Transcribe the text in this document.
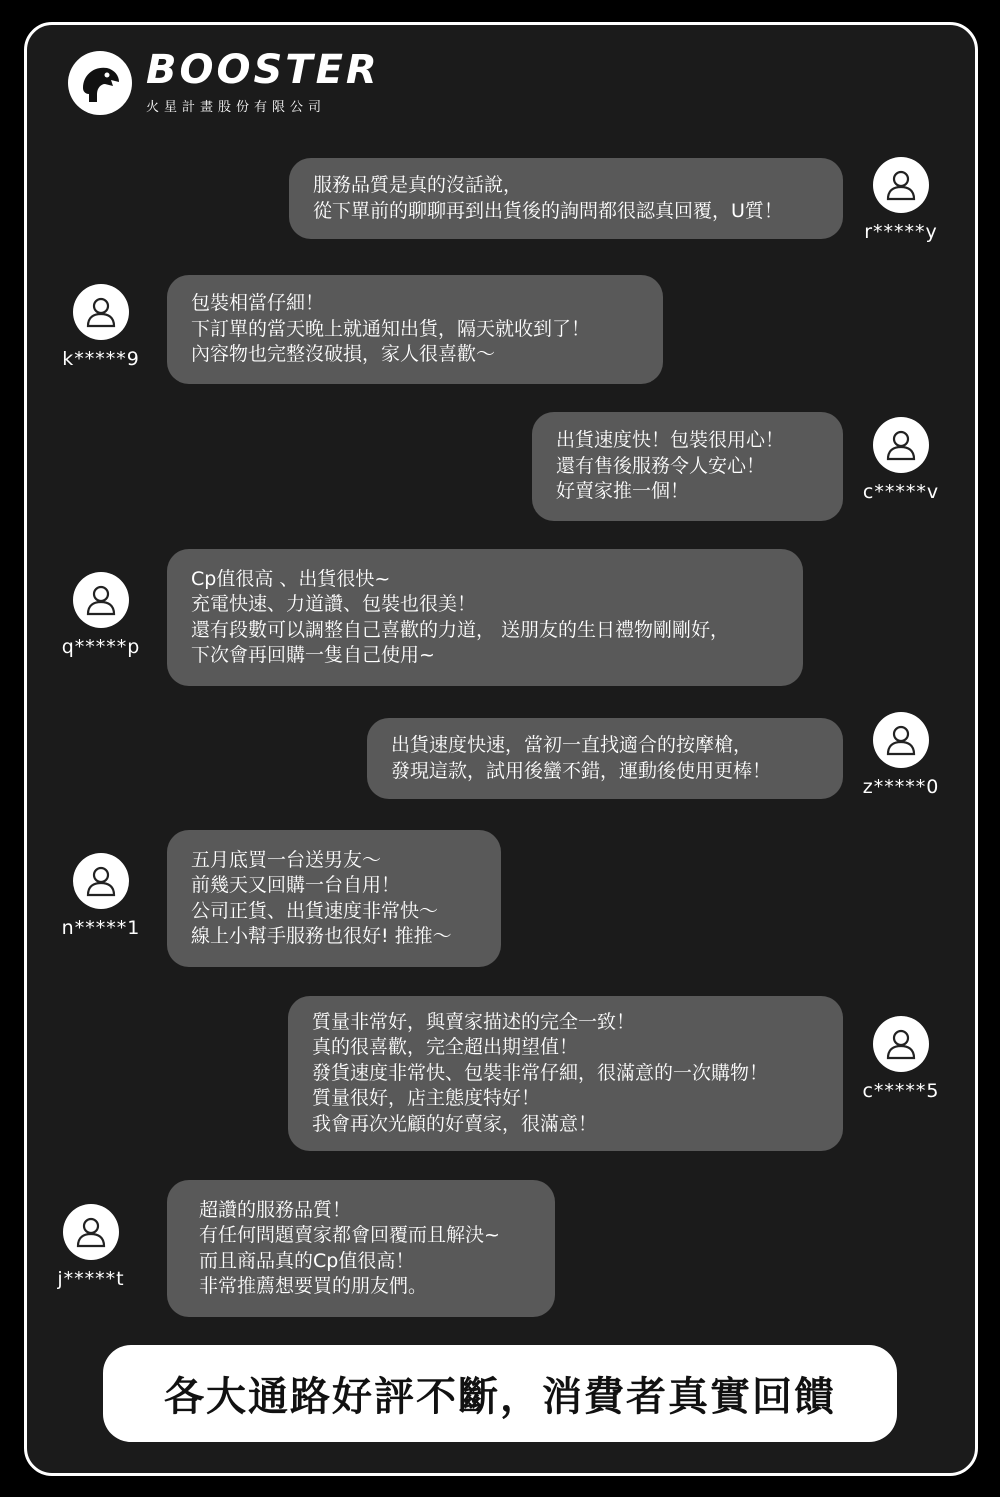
BOOSTER
火星計畫股份有限公司
服務品質是真的沒話說，
從下單前的聊聊再到出貨後的詢問都很認真回覆，U質！
r*****y
k*****9
包裝相當仔細！
下訂單的當天晚上就通知出貨，隔天就收到了！
內容物也完整沒破損，家人很喜歡～
出貨速度快！包裝很用心！
還有售後服務令人安心！
好賣家推一個！	c*****v
q*****p
Cp值很高 、出貨很快~
充電快速、力道讚、包裝也很美！
還有段數可以調整自己喜歡的力道， 送朋友的生日禮物剛剛好，
下次會再回購一隻自己使用~
出貨速度快速，當初一直找適合的按摩槍，
發現這款，試用後蠻不錯，運動後使用更棒！
z*****0
n*****1
五月底買一台送男友～
前幾天又回購一台自用！
公司正貨、出貨速度非常快～
線上小幫手服務也很好! 推推～
質量非常好，與賣家描述的完全一致！
真的很喜歡，完全超出期望值！
發貨速度非常快、包裝非常仔細，很滿意的一次購物！
質量很好，店主態度特好！
我會再次光顧的好賣家，很滿意！
c*****5
j*****t
超讚的服務品質！
有任何問題賣家都會回覆而且解決~
而且商品真的Cp值很高！
非常推薦想要買的朋友們。
各大通路好評不斷，消費者真實回饋
